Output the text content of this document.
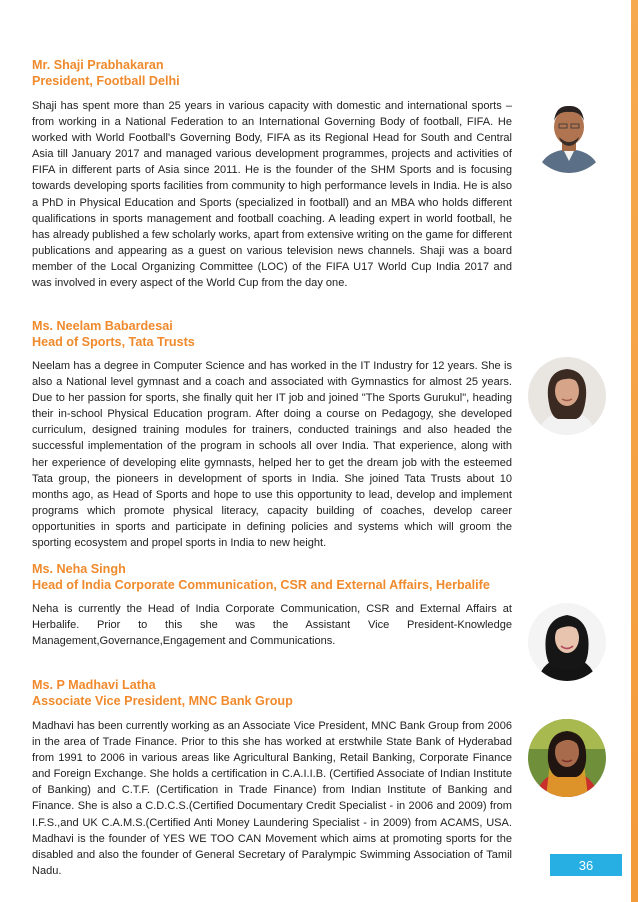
Mr. Shaji Prabhakaran
President, Football Delhi

Shaji has spent more than 25 years in various capacity with domestic and international sports – from working in a National Federation to an International Governing Body of football, FIFA. He worked with World Football's Governing Body, FIFA as its Regional Head for South and Central Asia till January 2017 and managed various development programmes, projects and activities of FIFA in different parts of Asia since 2011. He is the founder of the SHM Sports and is focusing towards developing sports facilities from community to high performance levels in India. He is also a PhD in Physical Education and Sports (specialized in football) and an MBA who holds different qualifications in sports management and football coaching. A leading expert in world football, he has already published a few scholarly works, apart from extensive writing on the game for different publications and appearing as a guest on various television news channels. Shaji was a board member of the Local Organizing Committee (LOC) of the FIFA U17 World Cup India 2017 and was involved in every aspect of the World Cup from the day one.

Ms. Neelam Babardesai
Head of Sports, Tata Trusts

Neelam has a degree in Computer Science and has worked in the IT Industry for 12 years. She is also a National level gymnast and a coach and associated with Gymnastics for almost 25 years. Due to her passion for sports, she finally quit her IT job and joined "The Sports Gurukul", heading their in-school Physical Education program. After doing a course on Pedagogy, she developed curriculum, designed training modules for trainers, conducted trainings and also headed the successful implementation of the program in schools all over India. That experience, along with her experience of developing elite gymnasts, helped her to get the dream job with the esteemed Tata group, the pioneers in development of sports in India. She joined Tata Trusts about 10 months ago, as Head of Sports and hope to use this opportunity to lead, develop and implement programs which promote physical literacy, capacity building of coaches, develop career opportunities in sports and participate in defining policies and systems which will groom the sporting ecosystem and propel sports in India to new height.

Ms. Neha Singh
Head of India Corporate Communication, CSR and External Affairs, Herbalife

Neha is currently the Head of India Corporate Communication, CSR and External Affairs at Herbalife. Prior to this she was the Assistant Vice President-Knowledge Management,Governance,Engagement and Communications.

Ms. P Madhavi Latha
Associate Vice President, MNC Bank Group

Madhavi has been currently working as an Associate Vice President, MNC Bank Group from 2006 in the area of Trade Finance. Prior to this she has worked at erstwhile State Bank of Hyderabad from 1991 to 2006 in various areas like Agricultural Banking, Retail Banking, Corporate Finance and Foreign Exchange. She holds a certification in C.A.I.I.B. (Certified Associate of Indian Institute of Banking) and C.T.F. (Certification in Trade Finance) from Indian Institute of Banking and Finance. She is also a C.D.C.S.(Certified Documentary Credit Specialist - in 2006 and 2009) from I.F.S.,and UK C.A.M.S.(Certified Anti Money Laundering Specialist - in 2009) from ACAMS, USA. Madhavi is the founder of YES WE TOO CAN Movement which aims at promoting sports for the disabled and also the founder of General Secretary of Paralympic Swimming Association of Tamil Nadu.	36
